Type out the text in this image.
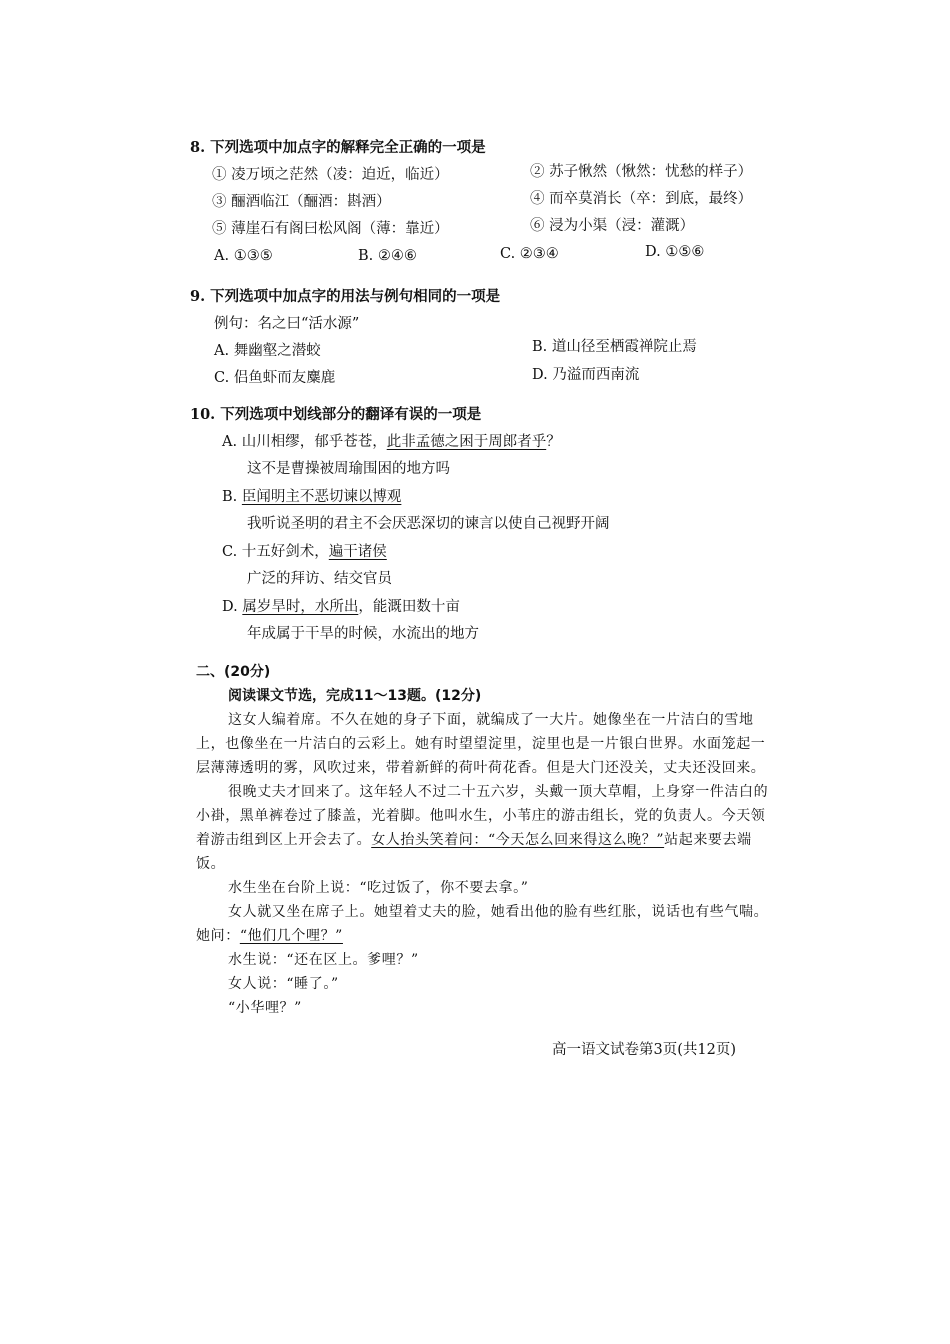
8. 下列选项中加点字的解释完全正确的一项是
① 凌万顷之茫然（凌：迫近，临近）	② 苏子愀然（愀然：忧愁的样子）
③ 酾酒临江（酾酒：斟酒）	④ 而卒莫消长（卒：到底，最终）
⑤ 薄崖石有阁曰松风阁（薄：靠近）	⑥ 浸为小渠（浸：灌溉）
A. ①③⑤	B. ②④⑥	C. ②③④	D. ①⑤⑥
9. 下列选项中加点字的用法与例句相同的一项是
例句：名之曰“活水源”
A. 舞幽壑之潜蛟	B. 道山径至栖霞禅院止焉
C. 侣鱼虾而友麋鹿	D. 乃溢而西南流
10. 下列选项中划线部分的翻译有误的一项是
A. 山川相缪，郁乎苍苍，此非孟德之困于周郎者乎？
这不是曹操被周瑜围困的地方吗
B. 臣闻明主不恶切谏以博观
我听说圣明的君主不会厌恶深切的谏言以使自己视野开阔
C. 十五好剑术，遍干诸侯
广泛的拜访、结交官员
D. 属岁旱时，水所出，能溉田数十亩
年成属于干旱的时候，水流出的地方
二、(20分)
阅读课文节选，完成11～13题。(12分)
这女人编着席。不久在她的身子下面，就编成了一大片。她像坐在一片洁白的雪地
上，也像坐在一片洁白的云彩上。她有时望望淀里，淀里也是一片银白世界。水面笼起一
层薄薄透明的雾，风吹过来，带着新鲜的荷叶荷花香。但是大门还没关，丈夫还没回来。
很晚丈夫才回来了。这年轻人不过二十五六岁，头戴一顶大草帽，上身穿一件洁白的
小褂，黑单裤卷过了膝盖，光着脚。他叫水生，小苇庄的游击组长，党的负责人。今天领
着游击组到区上开会去了。女人抬头笑着问：“今天怎么回来得这么晚？”站起来要去端
饭。
水生坐在台阶上说：“吃过饭了，你不要去拿。”
女人就又坐在席子上。她望着丈夫的脸，她看出他的脸有些红胀，说话也有些气喘。
她问：“他们几个哩？”
水生说：“还在区上。爹哩？”
女人说：“睡了。”
“小华哩？”
高一语文试卷第3页(共12页)
